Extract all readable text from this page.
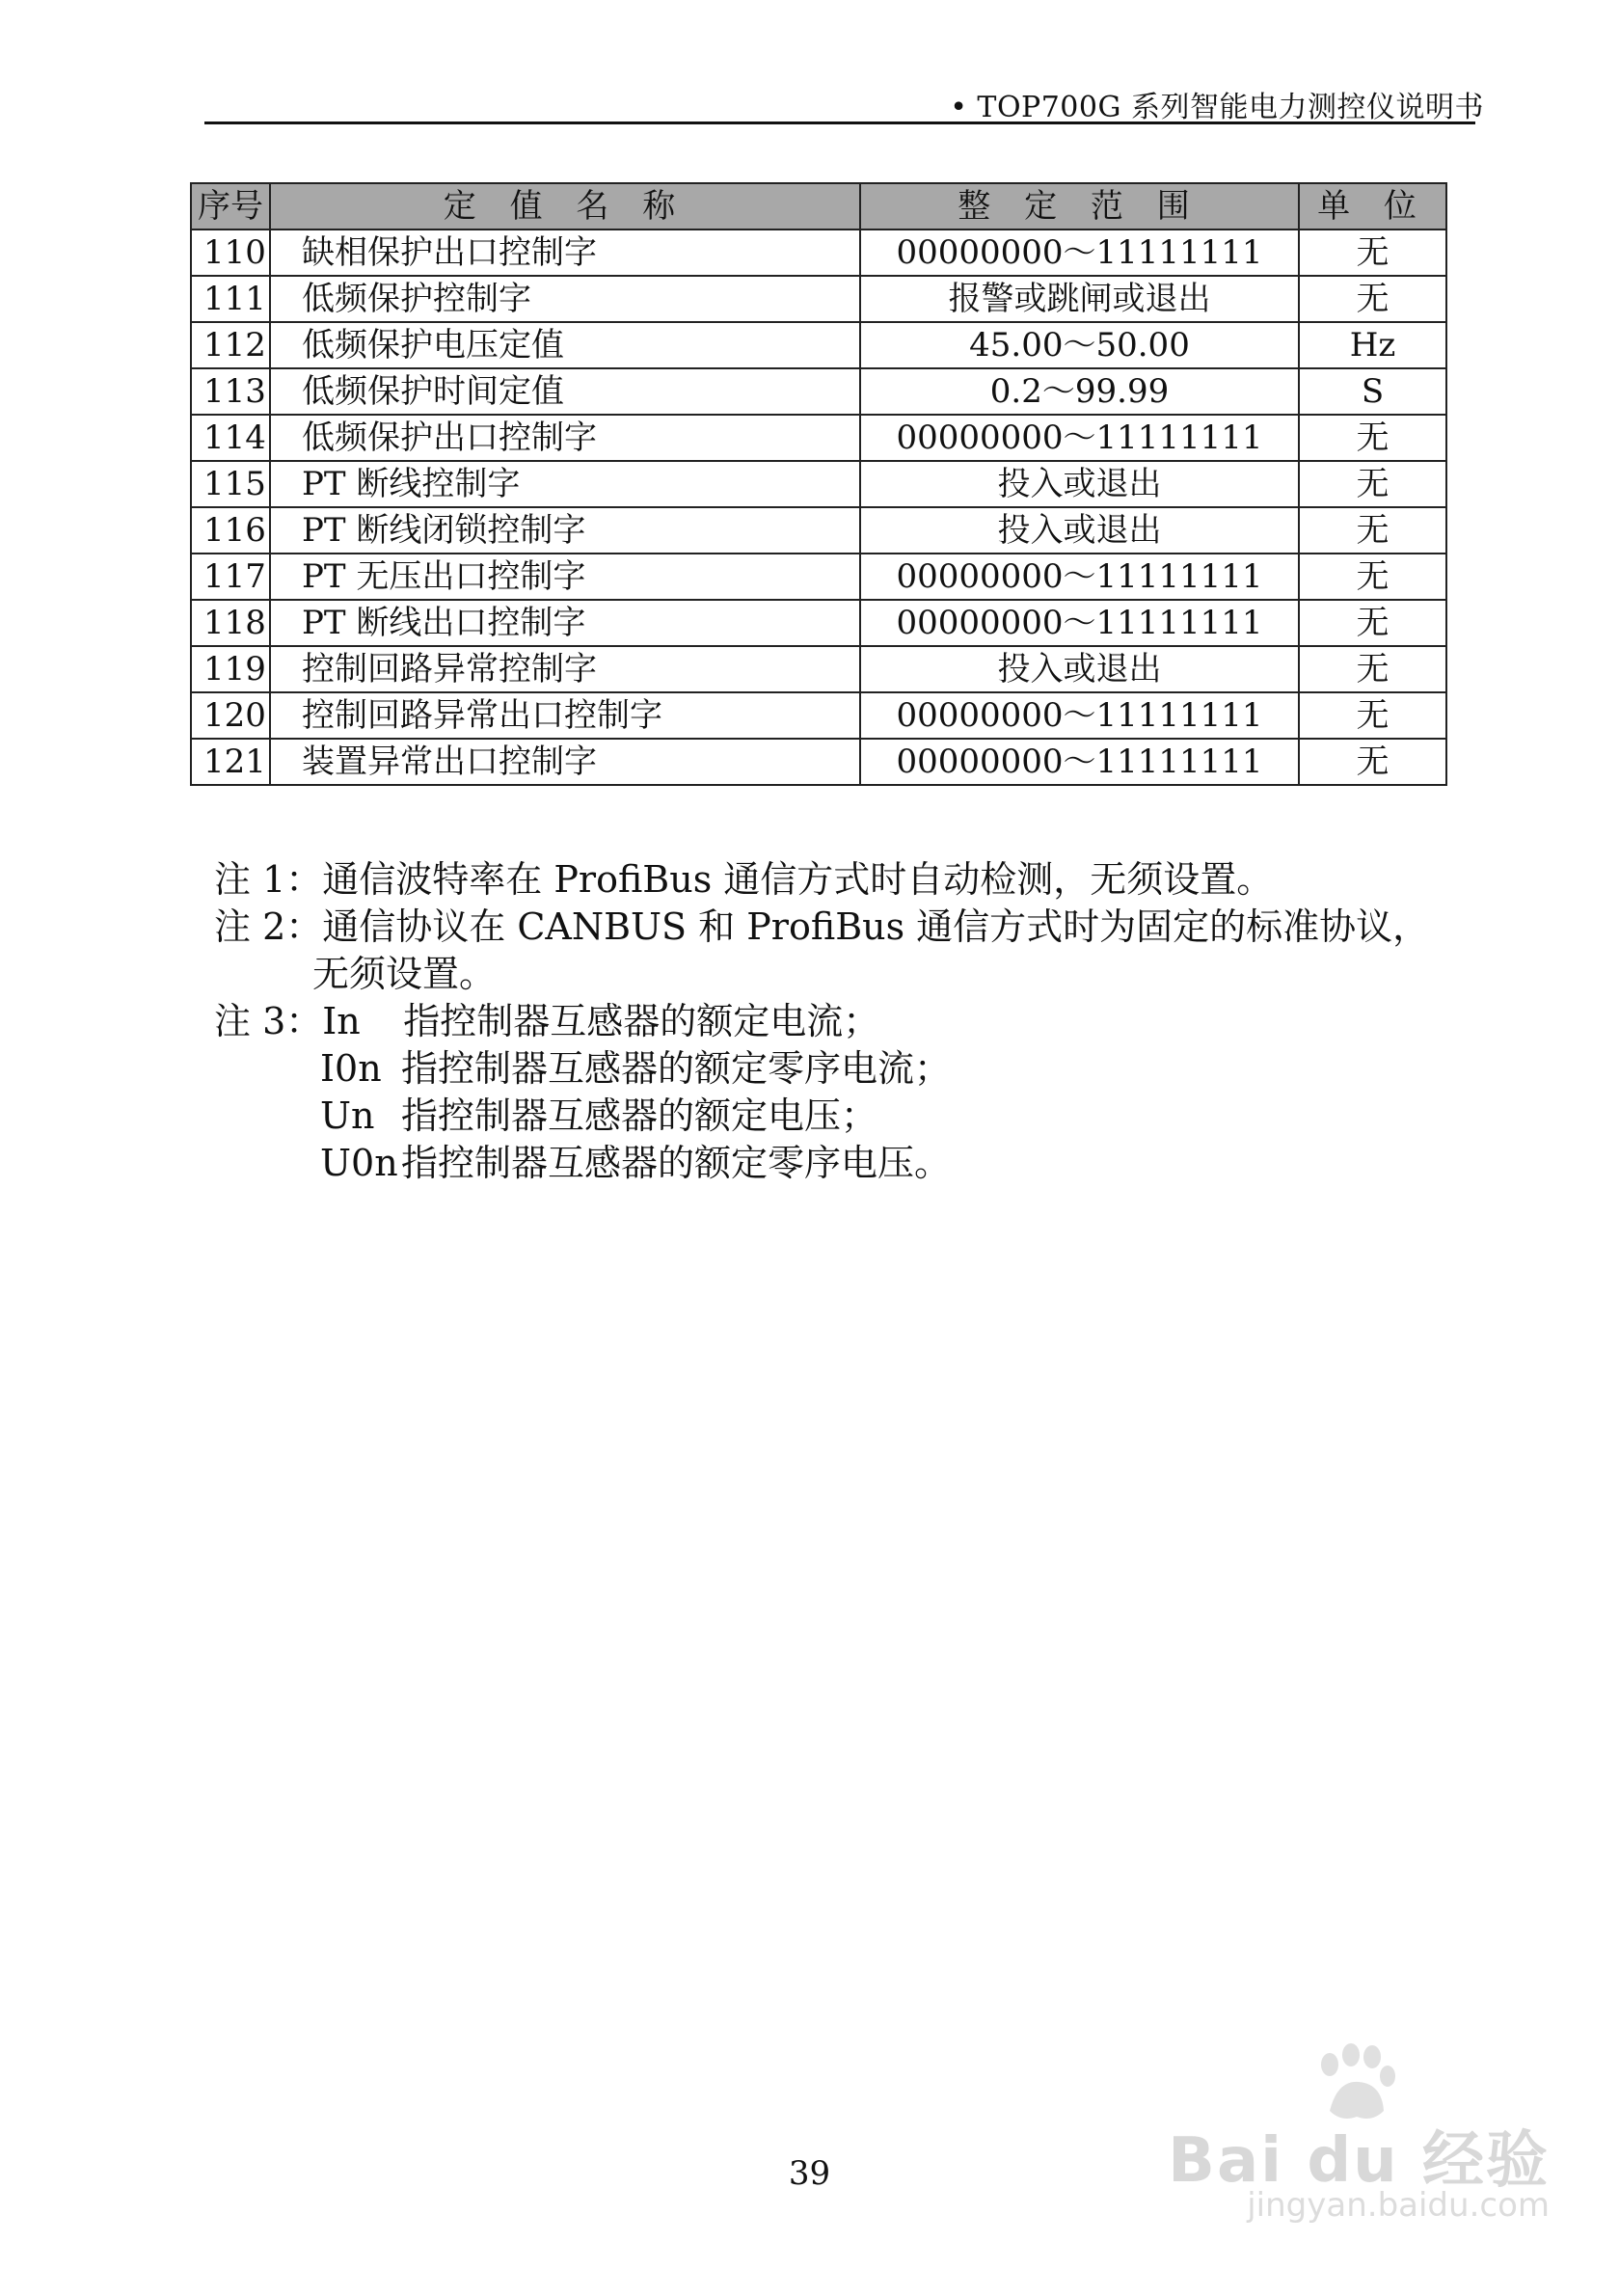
• TOP700G 系列智能电力测控仪说明书
序号	定 值 名 称	整 定 范 围	单 位
110	缺相保护出口控制字	00000000～11111111	无
111	低频保护控制字	报警或跳闸或退出	无
112	低频保护电压定值	45.00～50.00	Hz
113	低频保护时间定值	0.2～99.99	S
114	低频保护出口控制字	00000000～11111111	无
115	PT 断线控制字	投入或退出	无
116	PT 断线闭锁控制字	投入或退出	无
117	PT 无压出口控制字	00000000～11111111	无
118	PT 断线出口控制字	00000000～11111111	无
119	控制回路异常控制字	投入或退出	无
120	控制回路异常出口控制字	00000000～11111111	无
121	装置异常出口控制字	00000000～11111111	无
注 1：通信波特率在 ProfiBus 通信方式时自动检测，无须设置。
注 2：通信协议在 CANBUS 和 ProfiBus 通信方式时为固定的标准协议，
无须设置。
注 3：In 指控制器互感器的额定电流；
I0n 指控制器互感器的额定零序电流；
Un 指控制器互感器的额定电压；
U0n指控制器互感器的额定零序电压。
39	Bai du 经验
jingyan.baidu.com
